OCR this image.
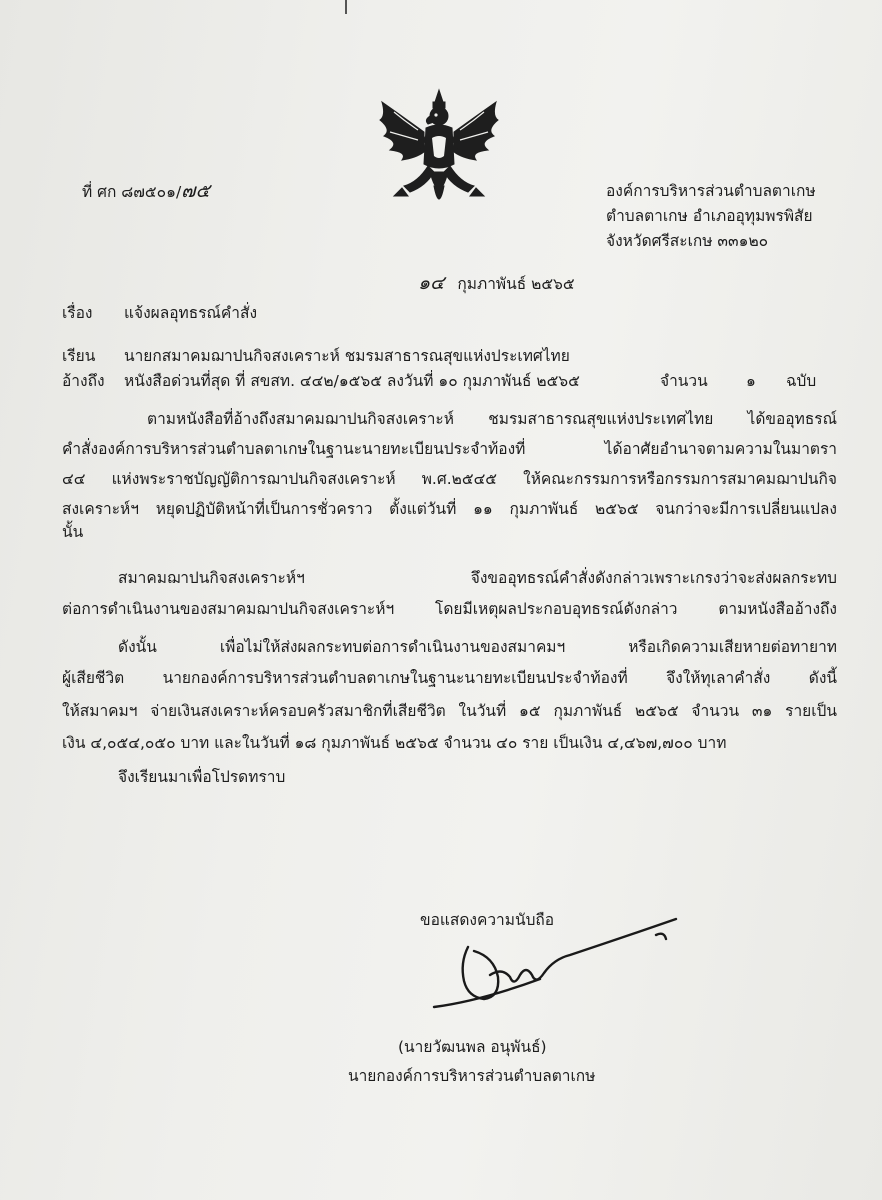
ที่ ศก ๘๗๕๐๑/๗๕	องค์การบริหารส่วนตำบลตาเกษ
ตำบลตาเกษ อำเภออุทุมพรพิสัย
จังหวัดศรีสะเกษ ๓๓๑๒๐
๑๔ กุมภาพันธ์ ๒๕๖๕
เรื่อง แจ้งผลอุทธรณ์คำสั่ง
เรียน นายกสมาคมฌาปนกิจสงเคราะห์ ชมรมสาธารณสุขแห่งประเทศไทย
อ้างถึง หนังสือด่วนที่สุด ที่ สขสท. ๔๔๒/๑๕๖๕ ลงวันที่ ๑๐ กุมภาพันธ์ ๒๕๖๕	จำนวน ๑ ฉบับ
ตามหนังสือที่อ้างถึงสมาคมฌาปนกิจสงเคราะห์ ชมรมสาธารณสุขแห่งประเทศไทย ได้ขออุทธรณ์
คำสั่งองค์การบริหารส่วนตำบลตาเกษในฐานะนายทะเบียนประจำท้องที่ ได้อาศัยอำนาจตามความในมาตรา
๔๔ แห่งพระราชบัญญัติการฌาปนกิจสงเคราะห์ พ.ศ.๒๕๔๕ ให้คณะกรรมการหรือกรรมการสมาคมฌาปนกิจ
สงเคราะห์ฯ หยุดปฏิบัติหน้าที่เป็นการชั่วคราว ตั้งแต่วันที่ ๑๑ กุมภาพันธ์ ๒๕๖๕ จนกว่าจะมีการเปลี่ยนแปลง
นั้น
สมาคมฌาปนกิจสงเคราะห์ฯ จึงขออุทธรณ์คำสั่งดังกล่าวเพราะเกรงว่าจะส่งผลกระทบ
ต่อการดำเนินงานของสมาคมฌาปนกิจสงเคราะห์ฯ โดยมีเหตุผลประกอบอุทธรณ์ดังกล่าว ตามหนังสืออ้างถึง
ดังนั้น เพื่อไม่ให้ส่งผลกระทบต่อการดำเนินงานของสมาคมฯ หรือเกิดความเสียหายต่อทายาท
ผู้เสียชีวิต นายกองค์การบริหารส่วนตำบลตาเกษในฐานะนายทะเบียนประจำท้องที่ จึงให้ทุเลาคำสั่ง ดังนี้
ให้สมาคมฯ จ่ายเงินสงเคราะห์ครอบครัวสมาชิกที่เสียชีวิต ในวันที่ ๑๕ กุมภาพันธ์ ๒๕๖๕ จำนวน ๓๑ รายเป็น
เงิน ๔,๐๕๔,๐๕๐ บาท และในวันที่ ๑๘ กุมภาพันธ์ ๒๕๖๕ จำนวน ๔๐ ราย เป็นเงิน ๔,๔๖๗,๗๐๐ บาท
จึงเรียนมาเพื่อโปรดทราบ
ขอแสดงความนับถือ
(นายวัฒนพล อนุพันธ์)
นายกองค์การบริหารส่วนตำบลตาเกษ
